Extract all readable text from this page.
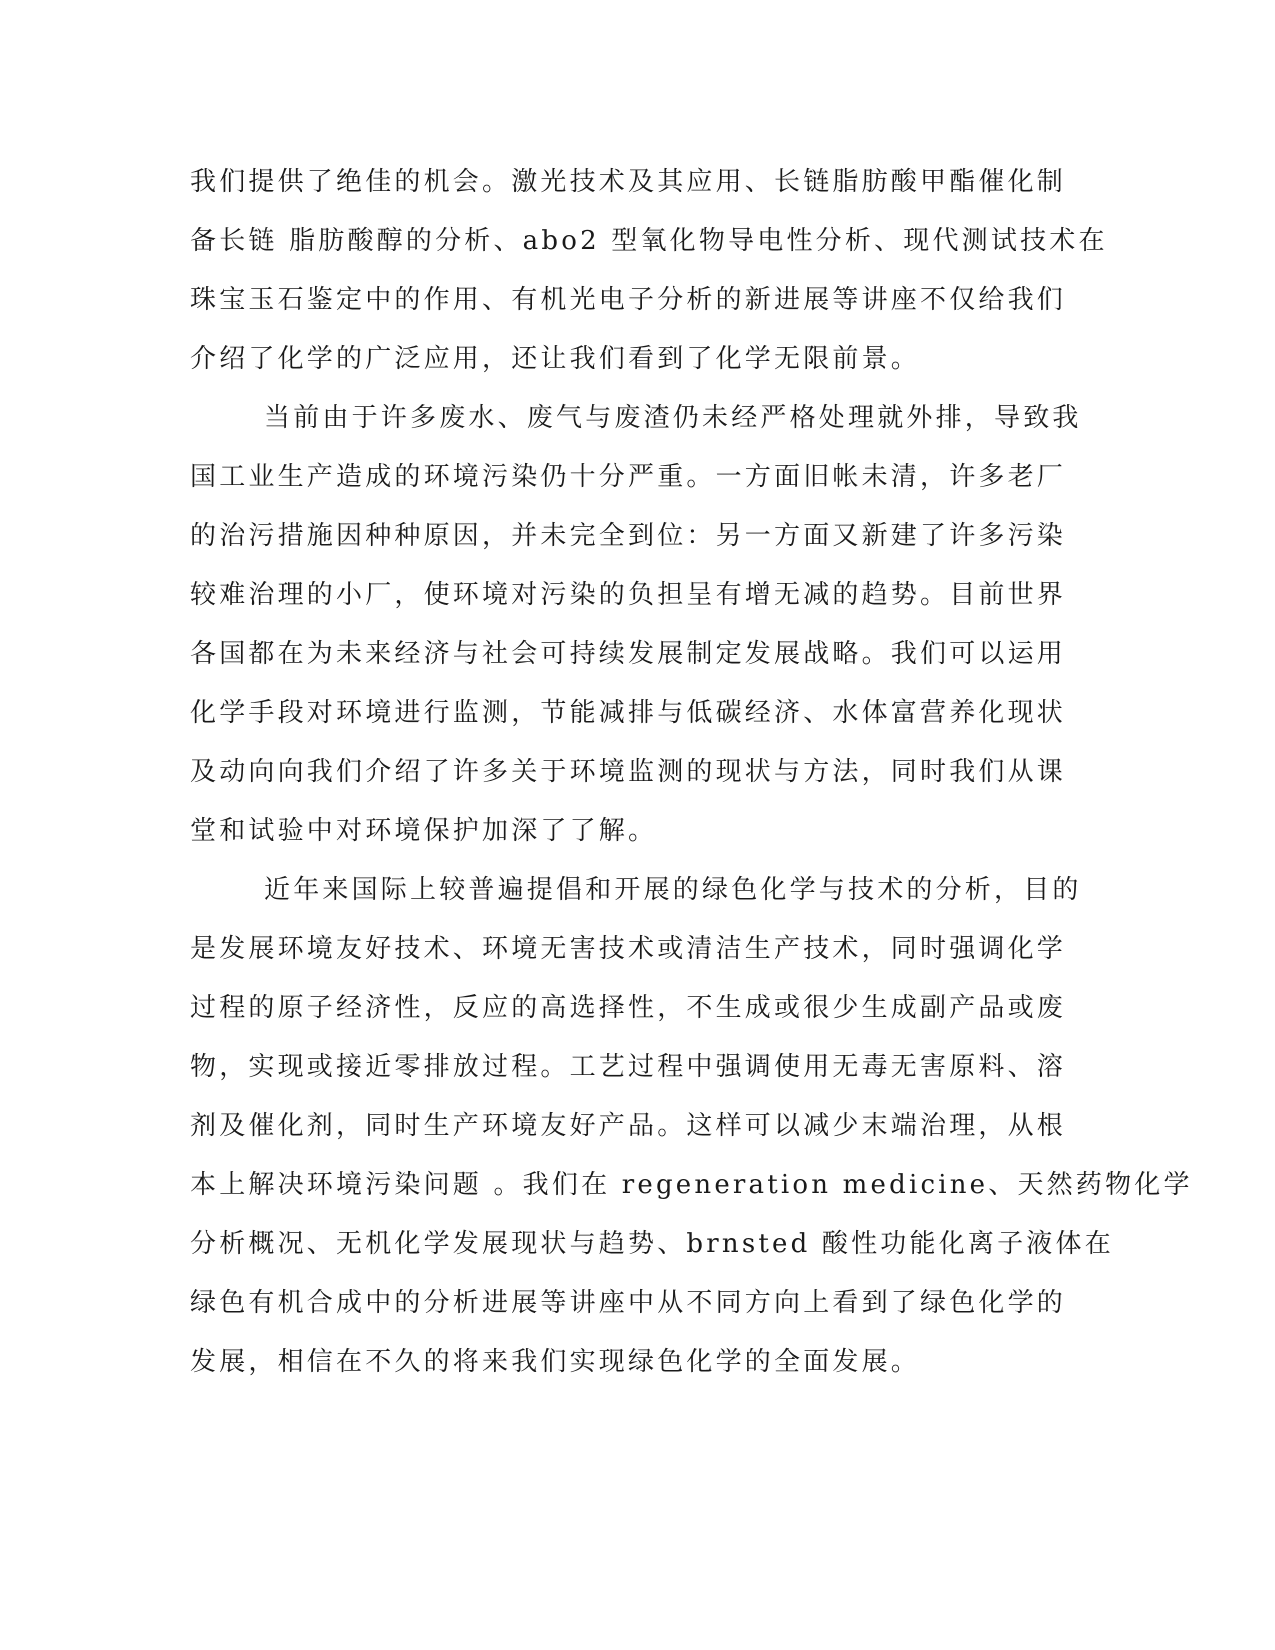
我们提供了绝佳的机会。激光技术及其应用、长链脂肪酸甲酯催化制
备长链 脂肪酸醇的分析、abo2 型氧化物导电性分析、现代测试技术在
珠宝玉石鉴定中的作用、有机光电子分析的新进展等讲座不仅给我们
介绍了化学的广泛应用，还让我们看到了化学无限前景。
当前由于许多废水、废气与废渣仍未经严格处理就外排，导致我
国工业生产造成的环境污染仍十分严重。一方面旧帐未清，许多老厂
的治污措施因种种原因，并未完全到位：另一方面又新建了许多污染
较难治理的小厂，使环境对污染的负担呈有增无减的趋势。目前世界
各国都在为未来经济与社会可持续发展制定发展战略。我们可以运用
化学手段对环境进行监测，节能减排与低碳经济、水体富营养化现状
及动向向我们介绍了许多关于环境监测的现状与方法，同时我们从课
堂和试验中对环境保护加深了了解。
近年来国际上较普遍提倡和开展的绿色化学与技术的分析，目的
是发展环境友好技术、环境无害技术或清洁生产技术，同时强调化学
过程的原子经济性，反应的高选择性，不生成或很少生成副产品或废
物，实现或接近零排放过程。工艺过程中强调使用无毒无害原料、溶
剂及催化剂，同时生产环境友好产品。这样可以减少末端治理，从根
本上解决环境污染问题 。我们在 regeneration medicine、天然药物化学
分析概况、无机化学发展现状与趋势、brnsted 酸性功能化离子液体在
绿色有机合成中的分析进展等讲座中从不同方向上看到了绿色化学的
发展，相信在不久的将来我们实现绿色化学的全面发展。
